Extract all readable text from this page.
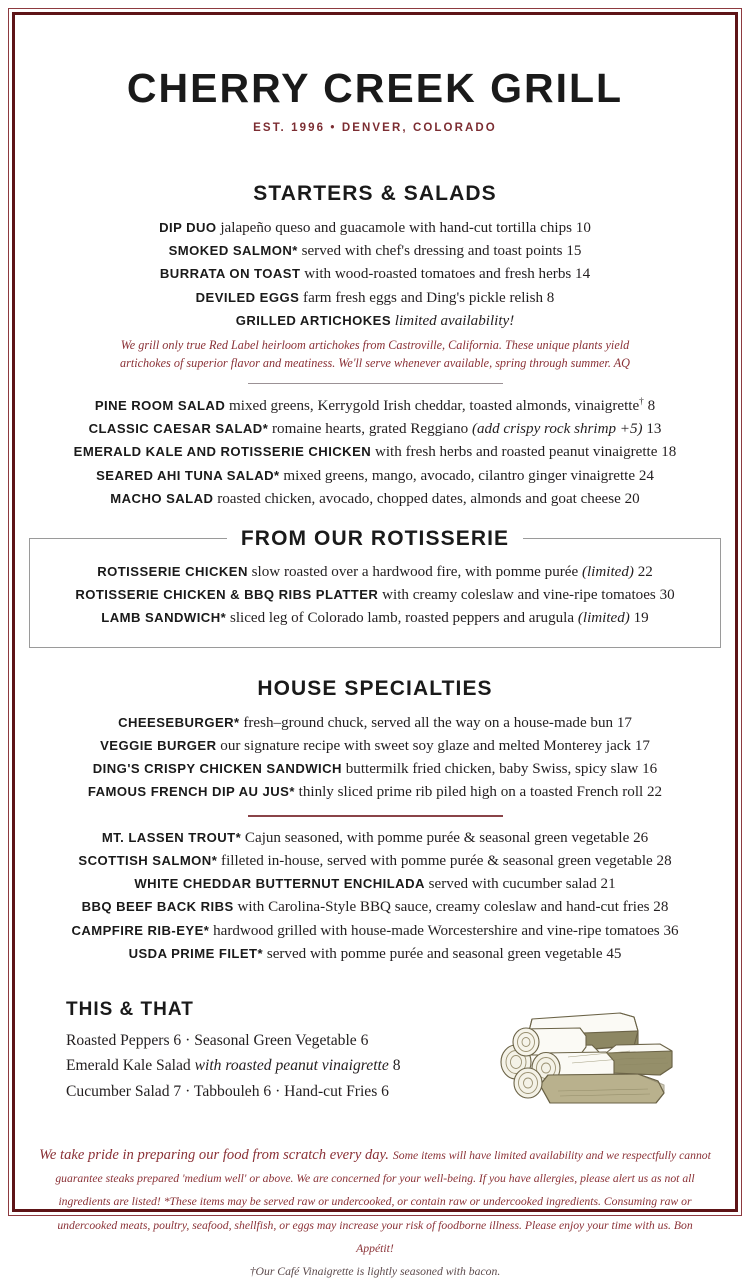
CHERRY CREEK GRILL
EST. 1996 • DENVER, COLORADO
STARTERS & SALADS
DIP DUO jalapeño queso and guacamole with hand-cut tortilla chips 10
SMOKED SALMON* served with chef's dressing and toast points 15
BURRATA ON TOAST with wood-roasted tomatoes and fresh herbs 14
DEVILED EGGS farm fresh eggs and Ding's pickle relish 8
GRILLED ARTICHOKES limited availability!
We grill only true Red Label heirloom artichokes from Castroville, California. These unique plants yield artichokes of superior flavor and meatiness. We'll serve whenever available, spring through summer. AQ
PINE ROOM SALAD mixed greens, Kerrygold Irish cheddar, toasted almonds, vinaigrette† 8
CLASSIC CAESAR SALAD* romaine hearts, grated Reggiano (add crispy rock shrimp +5) 13
EMERALD KALE AND ROTISSERIE CHICKEN with fresh herbs and roasted peanut vinaigrette 18
SEARED AHI TUNA SALAD* mixed greens, mango, avocado, cilantro ginger vinaigrette 24
MACHO SALAD roasted chicken, avocado, chopped dates, almonds and goat cheese 20
FROM OUR ROTISSERIE
ROTISSERIE CHICKEN slow roasted over a hardwood fire, with pomme purée (limited) 22
ROTISSERIE CHICKEN & BBQ RIBS PLATTER with creamy coleslaw and vine-ripe tomatoes 30
LAMB SANDWICH* sliced leg of Colorado lamb, roasted peppers and arugula (limited) 19
HOUSE SPECIALTIES
CHEESEBURGER* fresh–ground chuck, served all the way on a house-made bun 17
VEGGIE BURGER our signature recipe with sweet soy glaze and melted Monterey jack 17
DING'S CRISPY CHICKEN SANDWICH buttermilk fried chicken, baby Swiss, spicy slaw 16
FAMOUS FRENCH DIP AU JUS* thinly sliced prime rib piled high on a toasted French roll 22
MT. LASSEN TROUT* Cajun seasoned, with pomme purée & seasonal green vegetable 26
SCOTTISH SALMON* filleted in-house, served with pomme purée & seasonal green vegetable 28
WHITE CHEDDAR BUTTERNUT ENCHILADA served with cucumber salad 21
BBQ BEEF BACK RIBS with Carolina-Style BBQ sauce, creamy coleslaw and hand-cut fries 28
CAMPFIRE RIB-EYE* hardwood grilled with house-made Worcestershire and vine-ripe tomatoes 36
USDA PRIME FILET* served with pomme purée and seasonal green vegetable 45
THIS & THAT
Roasted Peppers 6 · Seasonal Green Vegetable 6
Emerald Kale Salad with roasted peanut vinaigrette 8
Cucumber Salad 7 · Tabbouleh 6 · Hand-cut Fries 6
We take pride in preparing our food from scratch every day. Some items will have limited availability and we respectfully cannot guarantee steaks prepared 'medium well' or above. We are concerned for your well-being. If you have allergies, please alert us as not all ingredients are listed! *These items may be served raw or undercooked, or contain raw or undercooked ingredients. Consuming raw or undercooked meats, poultry, seafood, shellfish, or eggs may increase your risk of foodborne illness. Please enjoy your time with us. Bon Appétit!
†Our Café Vinaigrette is lightly seasoned with bacon.
